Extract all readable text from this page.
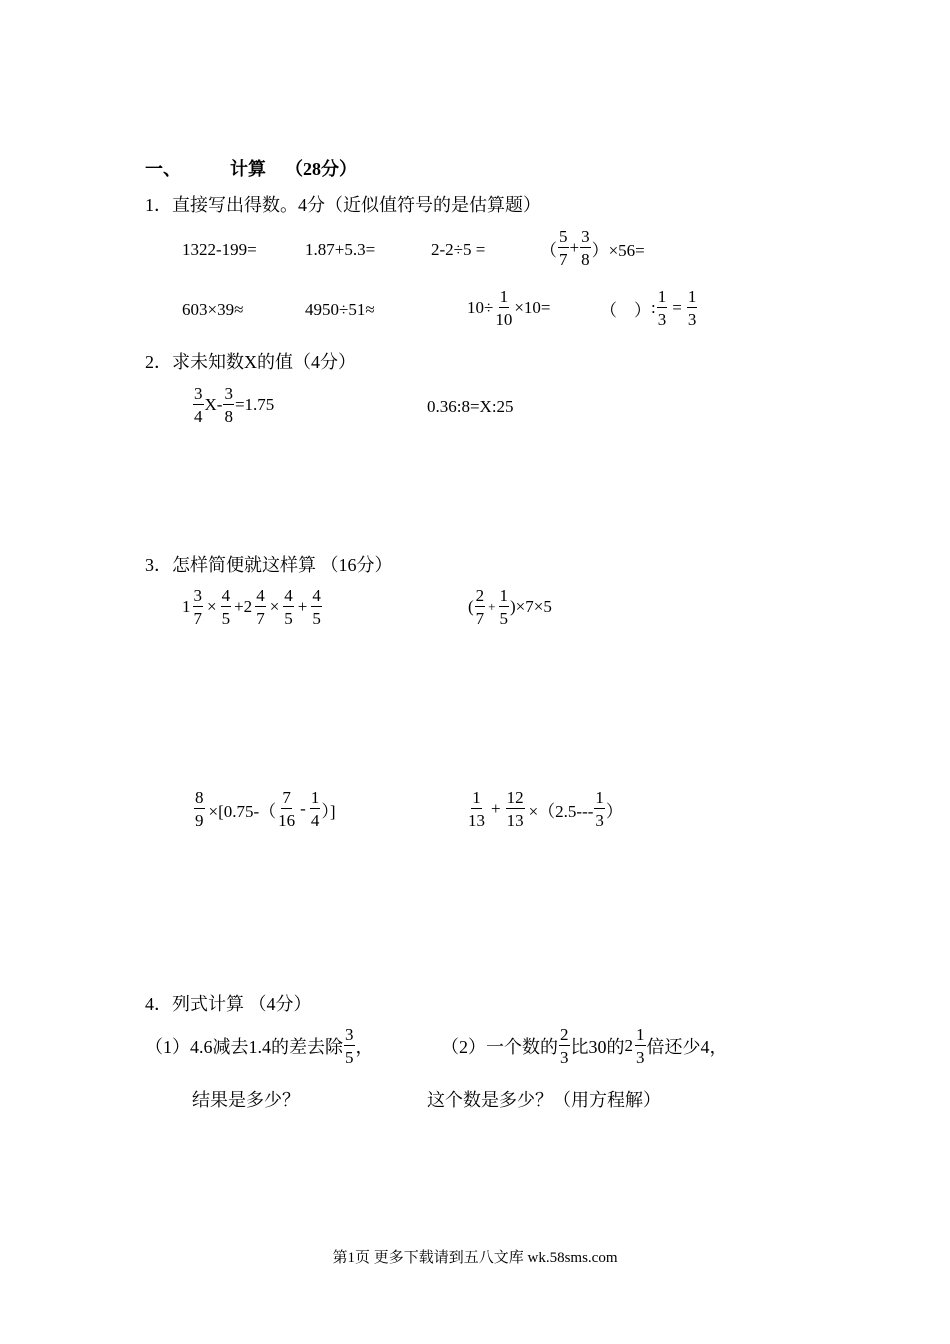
一、	计算 （28分）
1．直接写出得数。4分（近似值符号的是估算题）
1322-199=	1.87+5.3=	2-2÷5 =	（ $\frac{5}{7} + \frac{3}{8} )\times 56=$
603×39≈	4950÷51≈	$10\div \frac{1}{10} \times 10=$	（　） : $\frac{1}{3} = \frac{1}{3}$
2．求未知数X的值（4分）
$\frac{3}{4} X- \frac{3}{8} =1.75$	0.36:8=X:25
3．怎样简便就这样算 （16分）
$1 \frac{3}{7} \times \frac{4}{5} +2 \frac{4}{7} \times \frac{4}{5} + \frac{4}{5}$	( $\frac{2}{7} + \frac{1}{5} )\times 7\times 5$
$\frac{8}{9} \times[0.75-( \frac{7}{16} - \frac{1}{4}$ ）]	$\frac{1}{13} + \frac{12}{13} \times(2.5--- \frac{1}{3}$ ）
4．列式计算 （4分）
（1）4.6减去1.4的差去除 $\frac{3}{5}$ ，	（2）一个数的 $\frac{2}{3}$ 比30的 $2 \frac{1}{3}$ 倍还少4，
结果是多少？	这个数是多少？（用方程解）
第1页 更多下载请到五八文库 wk.58sms.com
